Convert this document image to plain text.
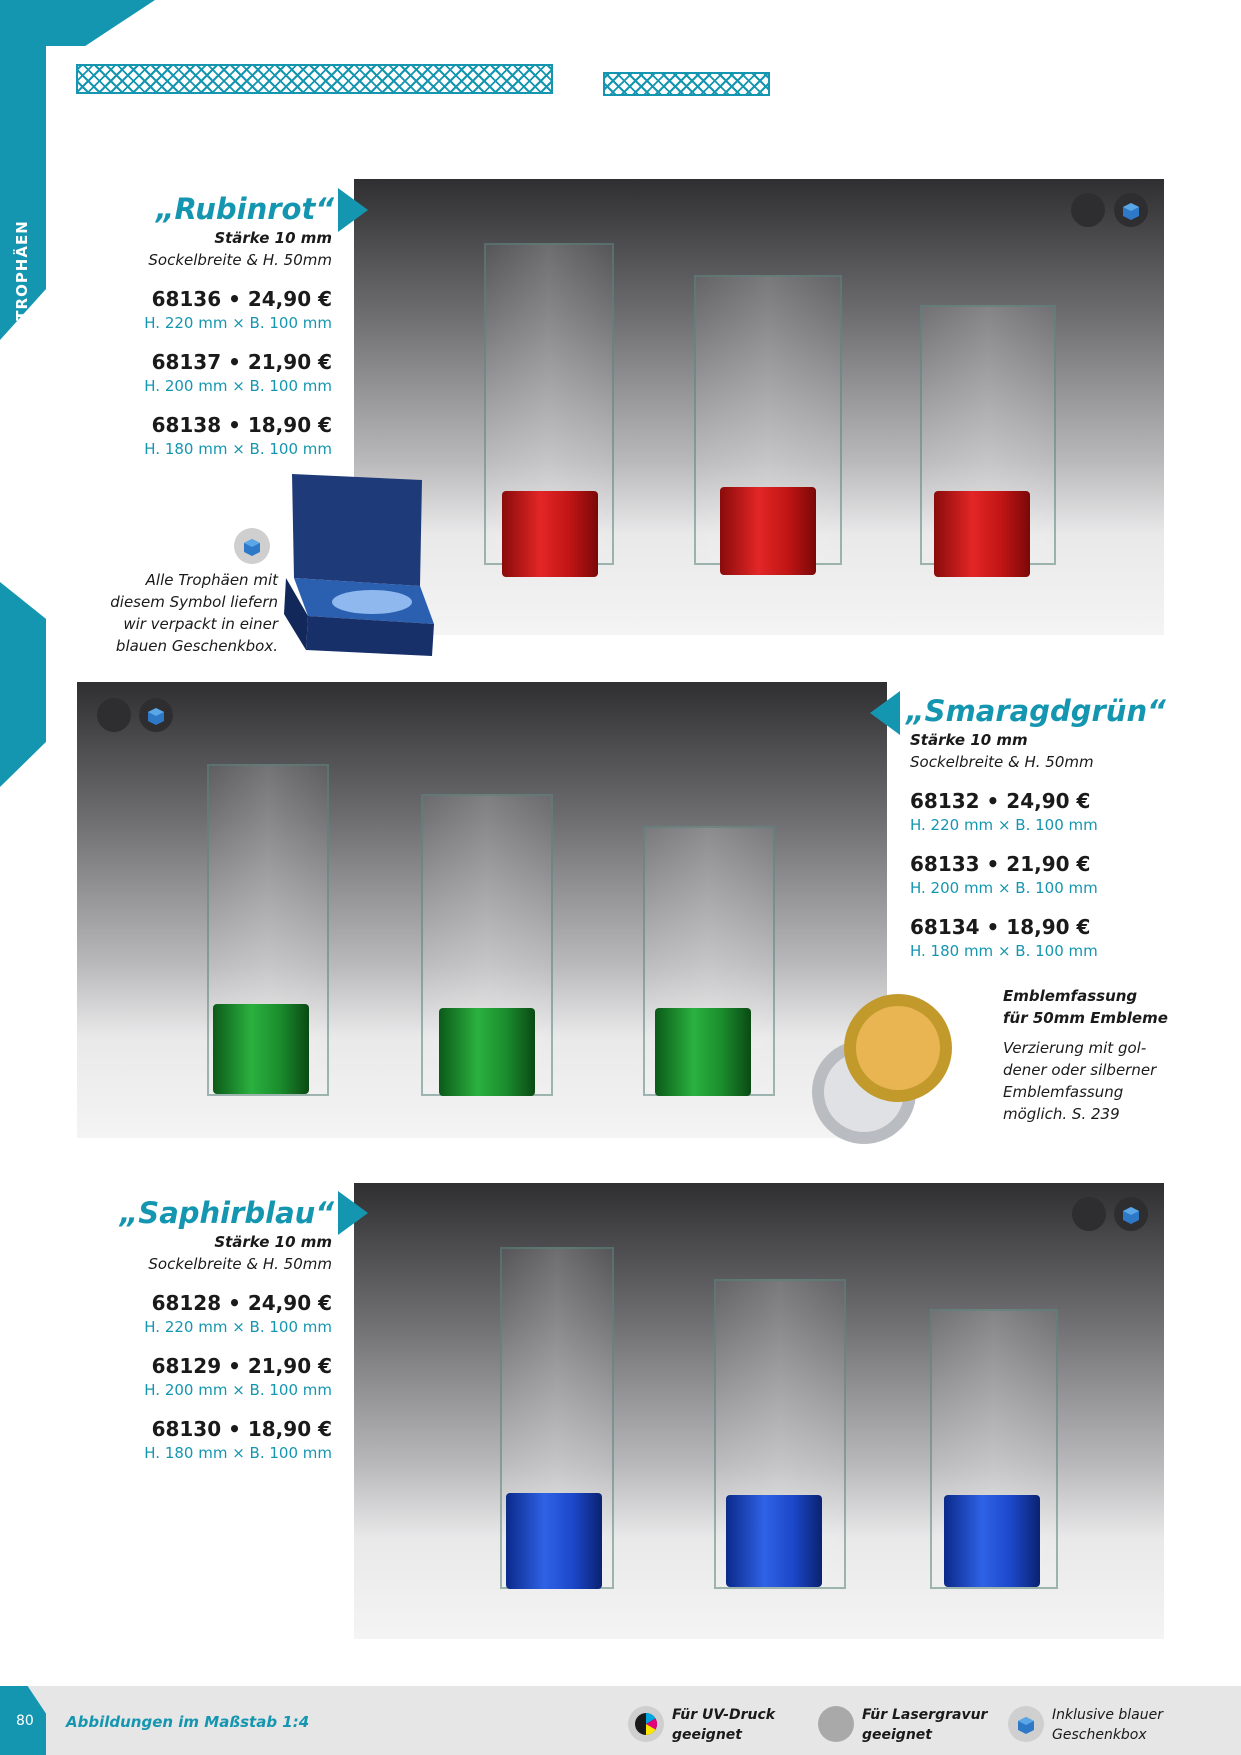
GLASTROPHÄEN
„Rubinrot“
Stärke 10 mm
Sockelbreite & H. 50mm
68136 • 24,90 €
H. 220 mm × B. 100 mm
68137 • 21,90 €
H. 200 mm × B. 100 mm
68138 • 18,90 €
H. 180 mm × B. 100 mm
Alle Trophäen mit
diesem Symbol liefern
wir verpackt in einer
blauen Geschenkbox.
„Smaragdgrün“
Stärke 10 mm
Sockelbreite & H. 50mm
68132 • 24,90 €
H. 220 mm × B. 100 mm
68133 • 21,90 €
H. 200 mm × B. 100 mm
68134 • 18,90 €
H. 180 mm × B. 100 mm
Emblemfassung
für 50mm Embleme
Verzierung mit gol-
dener oder silberner
Emblemfassung
möglich. S. 239
„Saphirblau“
Stärke 10 mm
Sockelbreite & H. 50mm
68128 • 24,90 €
H. 220 mm × B. 100 mm
68129 • 21,90 €
H. 200 mm × B. 100 mm
68130 • 18,90 €
H. 180 mm × B. 100 mm
80 Abbildungen im Maßstab 1:4	Für UV-Druck
geeignet
Für Lasergravur
geeignet
Inklusive blauer
Geschenkbox
